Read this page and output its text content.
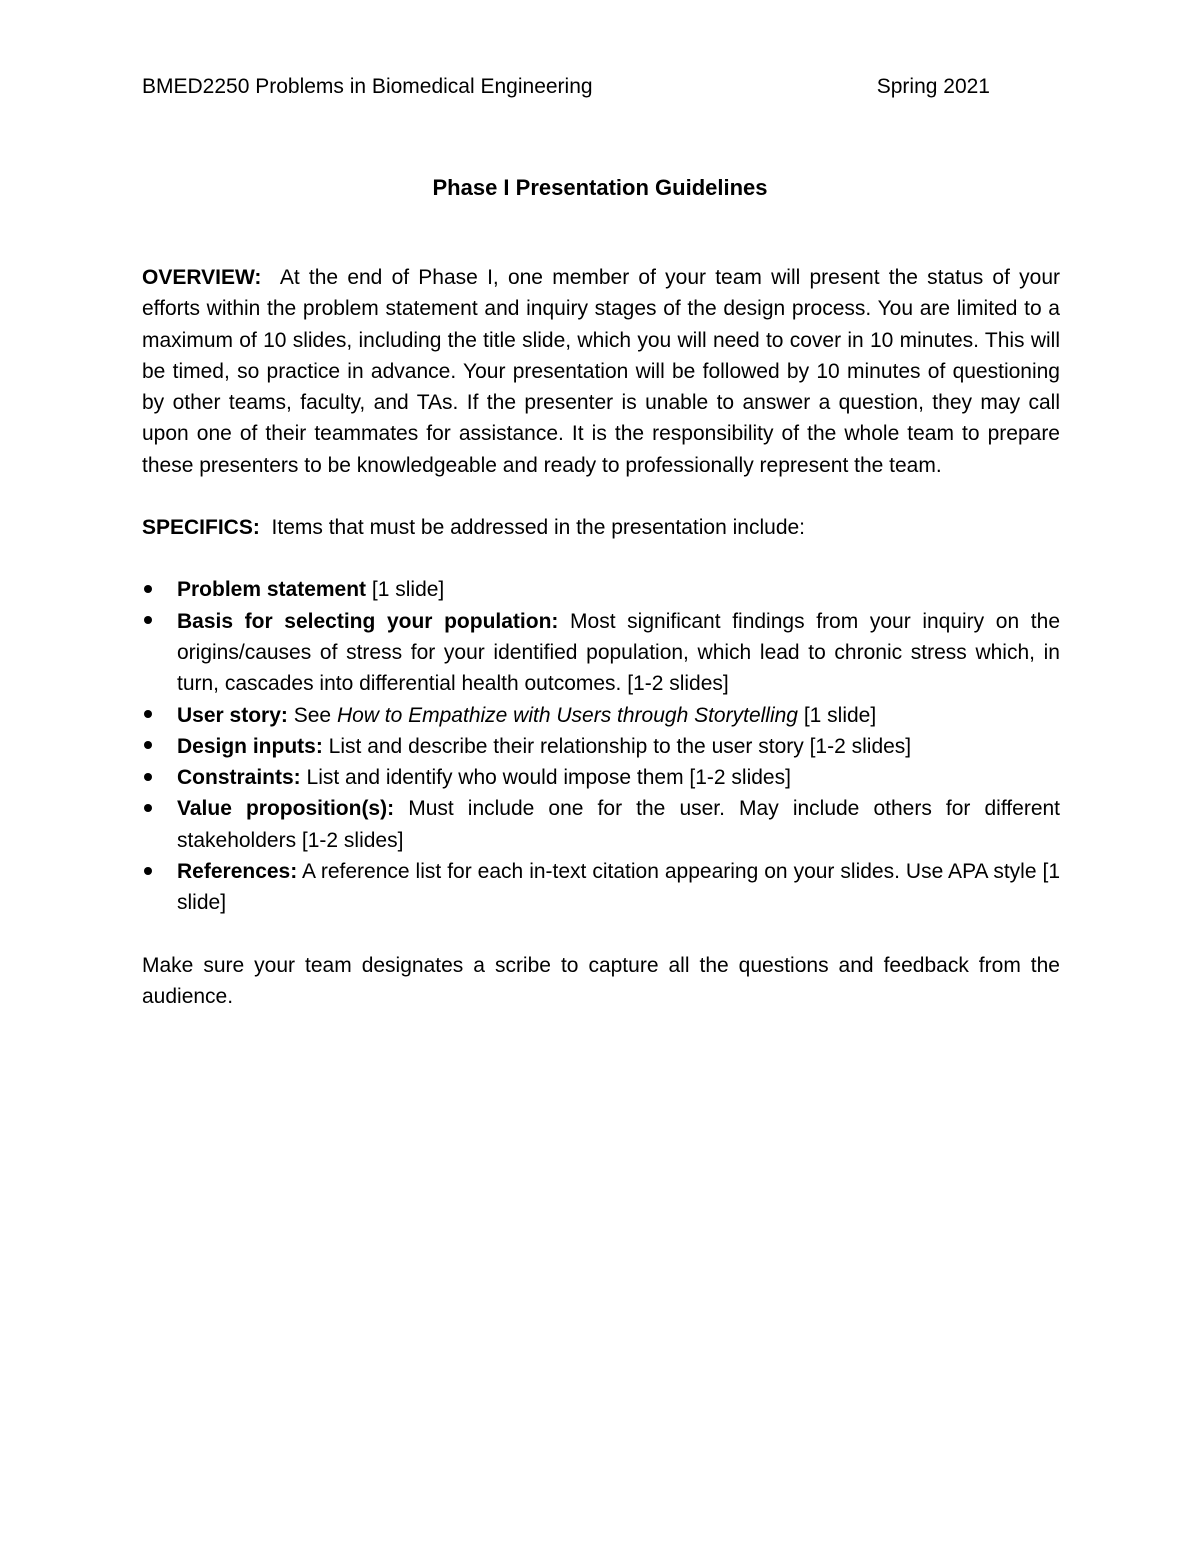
BMED2250 Problems in Biomedical Engineering	Spring 2021
Phase I Presentation Guidelines

OVERVIEW: At the end of Phase I, one member of your team will present the status of your efforts within the problem statement and inquiry stages of the design process. You are limited to a maximum of 10 slides, including the title slide, which you will need to cover in 10 minutes. This will be timed, so practice in advance. Your presentation will be followed by 10 minutes of questioning by other teams, faculty, and TAs. If the presenter is unable to answer a question, they may call upon one of their teammates for assistance. It is the responsibility of the whole team to prepare these presenters to be knowledgeable and ready to professionally represent the team.

SPECIFICS: Items that must be addressed in the presentation include:

Problem statement [1 slide]
Basis for selecting your population: Most significant findings from your inquiry on the origins/causes of stress for your identified population, which lead to chronic stress which, in turn, cascades into differential health outcomes. [1-2 slides]
User story: See How to Empathize with Users through Storytelling [1 slide]
Design inputs: List and describe their relationship to the user story [1-2 slides]
Constraints: List and identify who would impose them [1-2 slides]
Value proposition(s): Must include one for the user. May include others for different stakeholders [1-2 slides]
References: A reference list for each in-text citation appearing on your slides. Use APA style [1 slide]

Make sure your team designates a scribe to capture all the questions and feedback from the audience.
